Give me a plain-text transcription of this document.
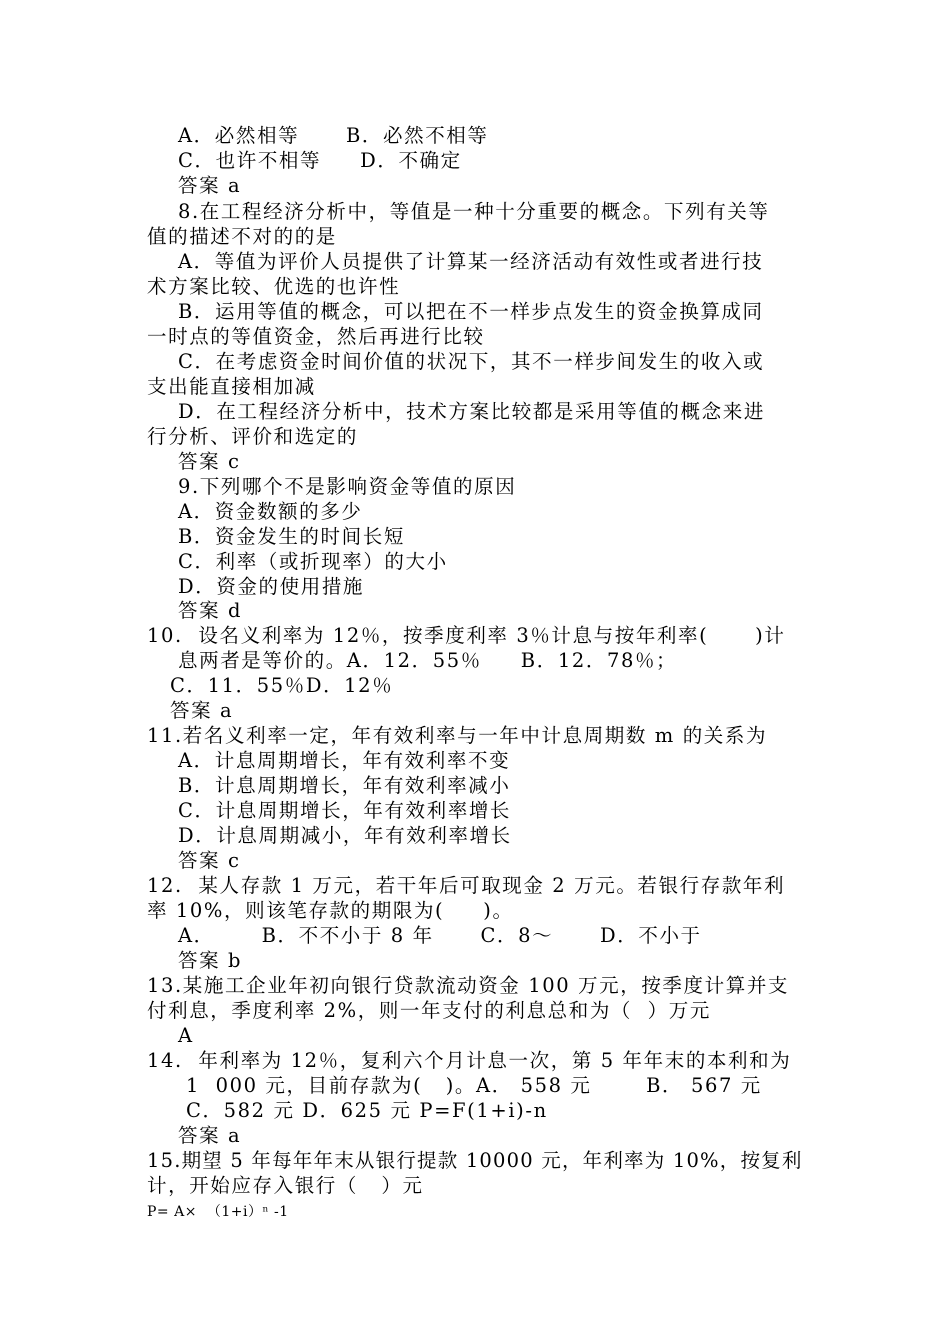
A．必然相等      B．必然不相等
C．也许不相等     D．不确定
答案 a
8.在工程经济分析中，等值是一种十分重要的概念。下列有关等
值的描述不对的的是
A．等值为评价人员提供了计算某一经济活动有效性或者进行技
术方案比较、优选的也许性
B．运用等值的概念，可以把在不一样步点发生的资金换算成同
一时点的等值资金，然后再进行比较
C．在考虑资金时间价值的状况下，其不一样步间发生的收入或
支出能直接相加减
D．在工程经济分析中，技术方案比较都是采用等值的概念来进
行分析、评价和选定的
答案 c
9.下列哪个不是影响资金等值的原因
A．资金数额的多少
B．资金发生的时间长短
C．利率（或折现率）的大小
D．资金的使用措施
答案 d
10.  设名义利率为 12％，按季度利率 3％计息与按年利率(      )计
息两者是等价的。A．12．55％     B．12．78％；
C．11．55％D．12％
答案 a
11.若名义利率一定，年有效利率与一年中计息周期数 m 的关系为
A．计息周期增长，年有效利率不变
B．计息周期增长，年有效利率减小
C．计息周期增长，年有效利率增长
D．计息周期减小，年有效利率增长
答案 c
12.  某人存款 1 万元，若干年后可取现金 2 万元。若银行存款年利
率 10%，则该笔存款的期限为(     )。
A．      B．不不小于 8 年      C．8～      D．不小于
答案 b
13.某施工企业年初向银行贷款流动资金 100 万元，按季度计算并支
付利息，季度利率 2%，则一年支付的利息总和为（  ）万元
A
14.  年利率为 12％，复利六个月计息一次，第 5 年年末的本利和为
1  000 元，目前存款为(   )。A． 558 元       B． 567 元
C．582 元 D．625 元 P=F(1+i)-n
答案 a
15.期望 5 年每年年末从银行提款 10000 元，年利率为 10%，按复利
计，开始应存入银行（   ）元
P= A×  （1+i）ⁿ -1
